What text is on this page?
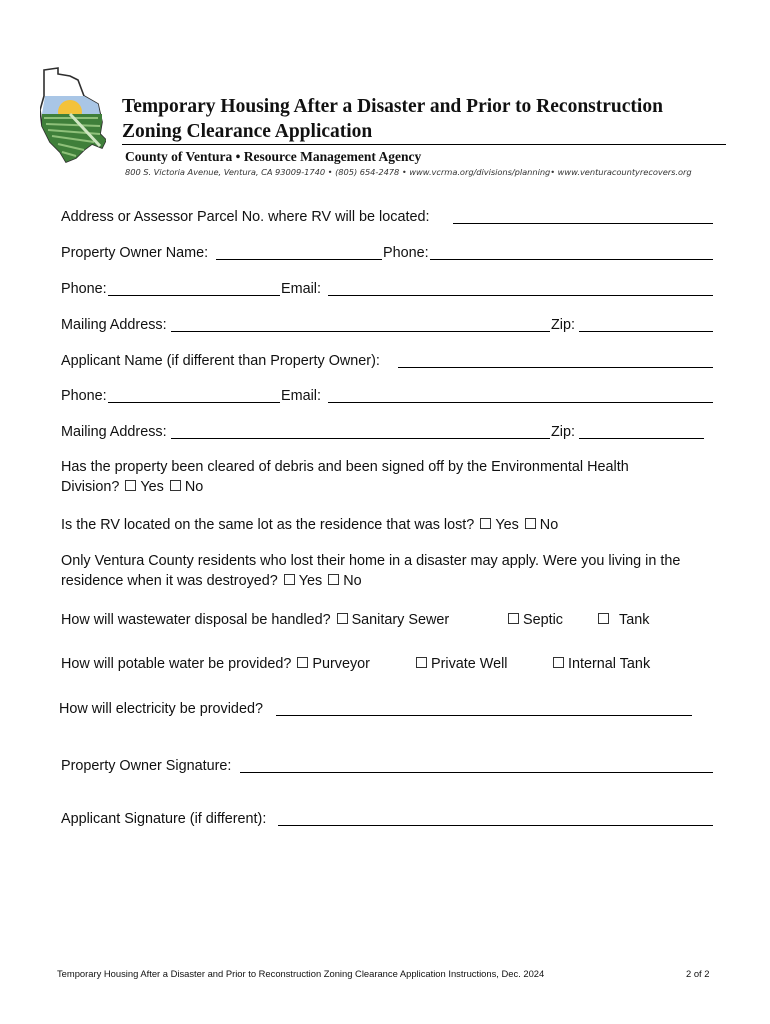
Temporary Housing After a Disaster and Prior to Reconstruction
Zoning Clearance Application
County of Ventura • Resource Management Agency
800 S. Victoria Avenue, Ventura, CA 93009-1740 • (805) 654-2478 • www.vcrma.org/divisions/planning• www.venturacountyrecovers.org
Address or Assessor Parcel No. where RV will be located:
Property Owner Name:	Phone:
Phone:	Email:
Mailing Address:	Zip:
Applicant Name (if different than Property Owner):
Phone:	Email:
Mailing Address:	Zip:
Has the property been cleared of debris and been signed off by the Environmental Health
Division? Yes No
Is the RV located on the same lot as the residence that was lost? Yes No
Only Ventura County residents who lost their home in a disaster may apply. Were you living in the
residence when it was destroyed? Yes No
How will wastewater disposal be handled? Sanitary Sewer	Septic	Tank
How will potable water be provided? Purveyor	Private Well	Internal Tank
How will electricity be provided?
Property Owner Signature:
Applicant Signature (if different):
Temporary Housing After a Disaster and Prior to Reconstruction Zoning Clearance Application Instructions, Dec. 2024	2 of 2
